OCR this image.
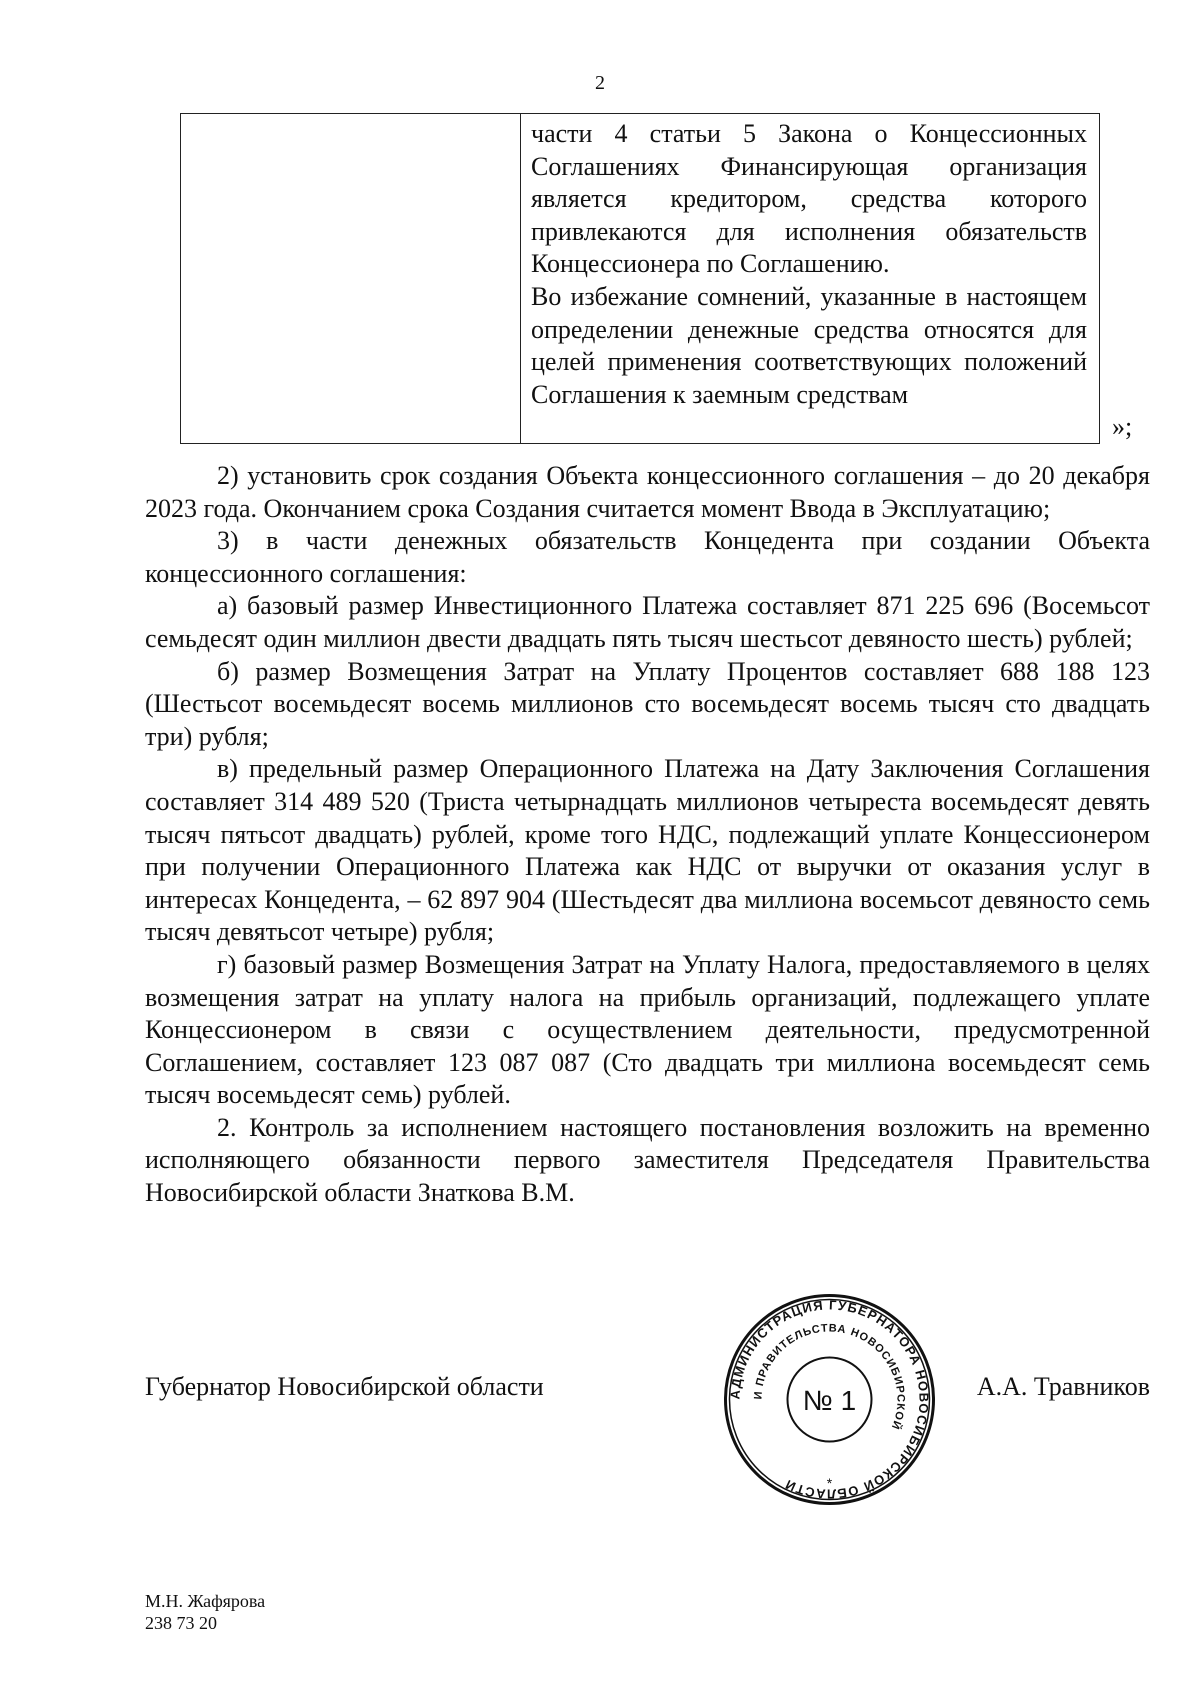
2

части 4 статьи 5 Закона о Концессионных Соглашениях Финансирующая организация является кредитором, средства которого привлекаются для исполнения обязательств Концессионера по Соглашению.

Во избежание сомнений, указанные в настоящем определении денежные средства относятся для целей применения соответствующих положений Соглашения к заемным средствам

»;

2) установить срок создания Объекта концессионного соглашения – до 20 декабря 2023 года. Окончанием срока Создания считается момент Ввода в Эксплуатацию;

3) в части денежных обязательств Концедента при создании Объекта концессионного соглашения:

а) базовый размер Инвестиционного Платежа составляет 871 225 696 (Восемьсот семьдесят один миллион двести двадцать пять тысяч шестьсот девяносто шесть) рублей;

б) размер Возмещения Затрат на Уплату Процентов составляет 688 188 123 (Шестьсот восемьдесят восемь миллионов сто восемьдесят восемь тысяч сто двадцать три) рубля;

в) предельный размер Операционного Платежа на Дату Заключения Соглашения составляет 314 489 520 (Триста четырнадцать миллионов четыреста восемьдесят девять тысяч пятьсот двадцать) рублей, кроме того НДС, подлежащий уплате Концессионером при получении Операционного Платежа как НДС от выручки от оказания услуг в интересах Концедента, – 62 897 904 (Шестьдесят два миллиона восемьсот девяносто семь тысяч девятьсот четыре) рубля;

г) базовый размер Возмещения Затрат на Уплату Налога, предоставляемого в целях возмещения затрат на уплату налога на прибыль организаций, подлежащего уплате Концессионером в связи с осуществлением деятельности, предусмотренной Соглашением, составляет 123 087 087 (Сто двадцать три миллиона восемьдесят семь тысяч восемьдесят семь) рублей.

2. Контроль за исполнением настоящего постановления возложить на временно исполняющего обязанности первого заместителя Председателя Правительства Новосибирской области Знаткова В.М.

Губернатор Новосибирской области	А.А. Травников
АДМИНИСТРАЦИЯ ГУБЕРНАТОРА НОВОСИБИРСКОЙ ОБЛАСТИ
И ПРАВИТЕЛЬСТВА НОВОСИБИРСКОЙ
№ 1
*
М.Н. Жафярова
238 73 20
